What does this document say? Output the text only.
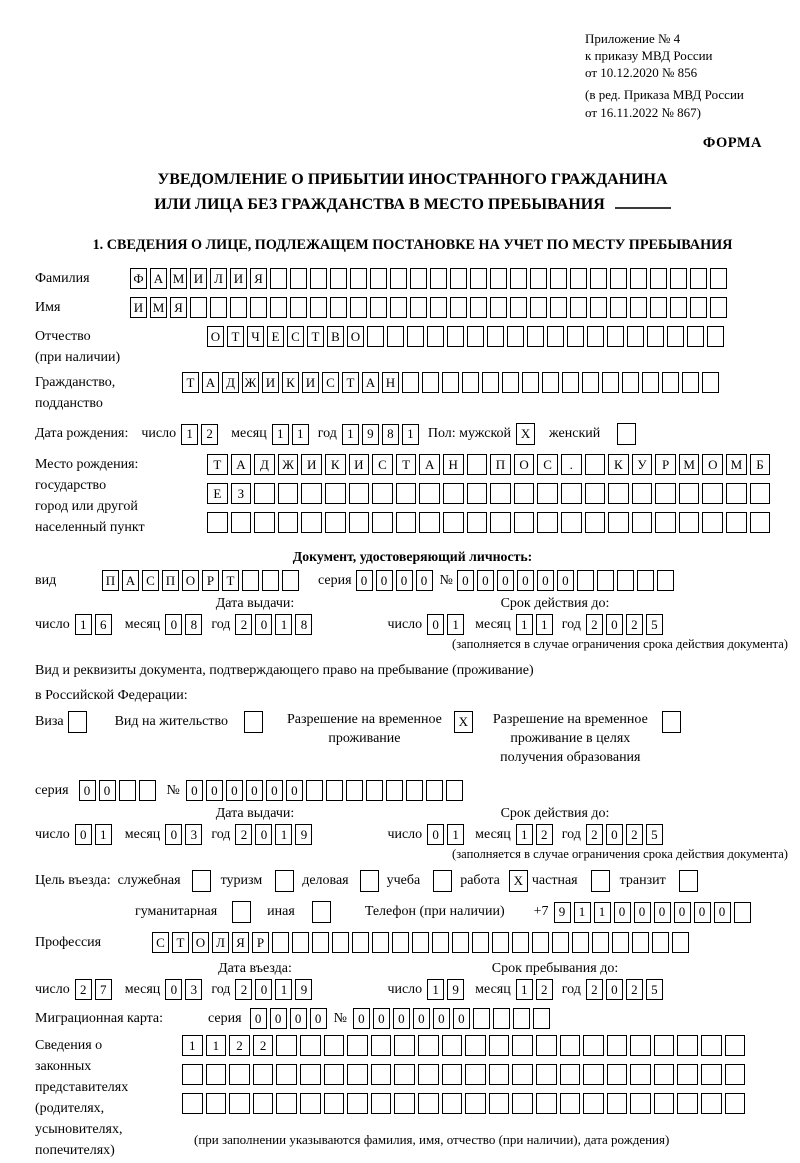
Приложение № 4
к приказу МВД России
от 10.12.2020 № 856
(в ред. Приказа МВД России
от 16.11.2022 № 867)
ФОРМА
УВЕДОМЛЕНИЕ О ПРИБЫТИИ ИНОСТРАННОГО ГРАЖДАНИНА
ИЛИ ЛИЦА БЕЗ ГРАЖДАНСТВА В МЕСТО ПРЕБЫВАНИЯ
1. СВЕДЕНИЯ О ЛИЦЕ, ПОДЛЕЖАЩЕМ ПОСТАНОВКЕ НА УЧЕТ ПО МЕСТУ ПРЕБЫВАНИЯ
Фамилия	Ф А М И Л И Я
Имя	И М Я
Отчество
(при наличии)
О Т Ч Е С Т В О
Гражданство,
подданство
Т А Д Ж И К И С Т А Н
Дата рождения: число 1	2	месяц 1	1	год 1	9	8	1	Пол: мужской X	женский
Место рождения:
государство
город или другой
населенный пункт
Т	А	Д	Ж	И	К	И	С	Т	А	Н	П	О	С	.	К	У	Р	М	О	М	Б
Е	З
Документ, удостоверяющий личность:
вид	П А С П О Р Т	серия 0	0	0	0 № 0	0	0	0	0	0
Дата выдачи:	Срок действия до:
число 1	6	месяц 0	8	год 2	0	1	8	число 0	1	месяц 1	1	год 2	0	2	5
(заполняется в случае ограничения срока действия документа)
Вид и реквизиты документа, подтверждающего право на пребывание (проживание)
в Российской Федерации:
Виза	Вид на жительство	Разрешение на временное
проживание
X	Разрешение на временное
проживание в целях
получения образования
серия	0	0	№ 0	0	0	0	0	0
Дата выдачи:	Срок действия до:
число 0	1	месяц 0	3	год 2	0	1	9	число 0	1	месяц 1	2	год 2	0	2	5
(заполняется в случае ограничения срока действия документа)
Цель въезда: служебная	туризм	деловая	учеба	работа	X частная	транзит
гуманитарная	иная	Телефон (при наличии) +7 9	1	1	0	0	0	0	0	0
Профессия	С Т О Л Я Р
Дата въезда:	Срок пребывания до:
число 2	7	месяц 0	3	год 2	0	1	9	число 1	9	месяц 1	2	год 2	0	2	5
Миграционная карта:	серия	0	0	0	0 № 0	0	0	0	0	0
Сведения о
законных
представителях
(родителях,
усыновителях,
попечителях)
1	1	2	2
(при заполнении указываются фамилия, имя, отчество (при наличии), дата рождения)
